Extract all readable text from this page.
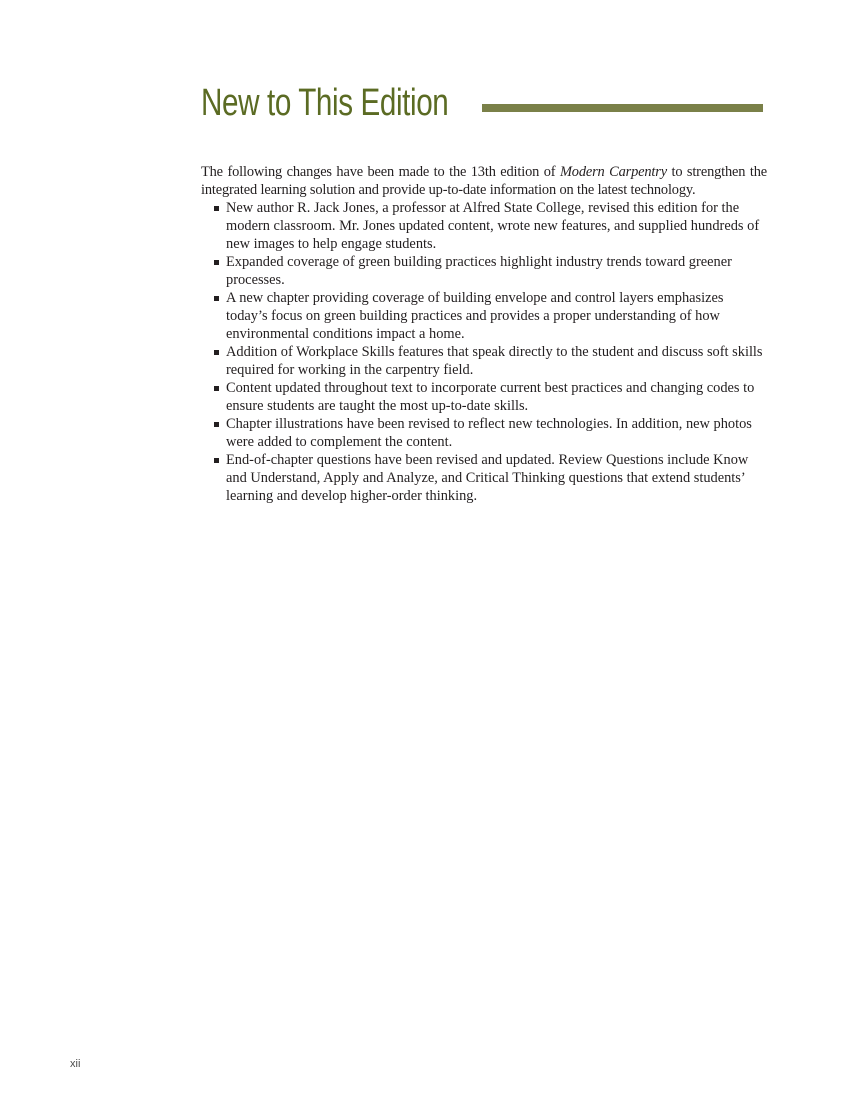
New to This Edition

The following changes have been made to the 13th edition of Modern Carpentry to strengthen the integrated learning solution and provide up-to-date information on the latest technology.

New author R. Jack Jones, a professor at Alfred State College, revised this edition for the modern classroom. Mr. Jones updated content, wrote new features, and supplied hundreds of new images to help engage students.
Expanded coverage of green building practices highlight industry trends toward greener processes.
A new chapter providing coverage of building envelope and control layers emphasizes today’s focus on green building practices and provides a proper understanding of how environmental conditions impact a home.
Addition of Workplace Skills features that speak directly to the student and discuss soft skills required for working in the carpentry field.
Content updated throughout text to incorporate current best practices and changing codes to ensure students are taught the most up-to-date skills.
Chapter illustrations have been revised to reflect new technologies. In addition, new photos were added to complement the content.
End-of-chapter questions have been revised and updated. Review Questions include Know and Understand, Apply and Analyze, and Critical Thinking questions that extend students’ learning and develop higher-order thinking.
xii
